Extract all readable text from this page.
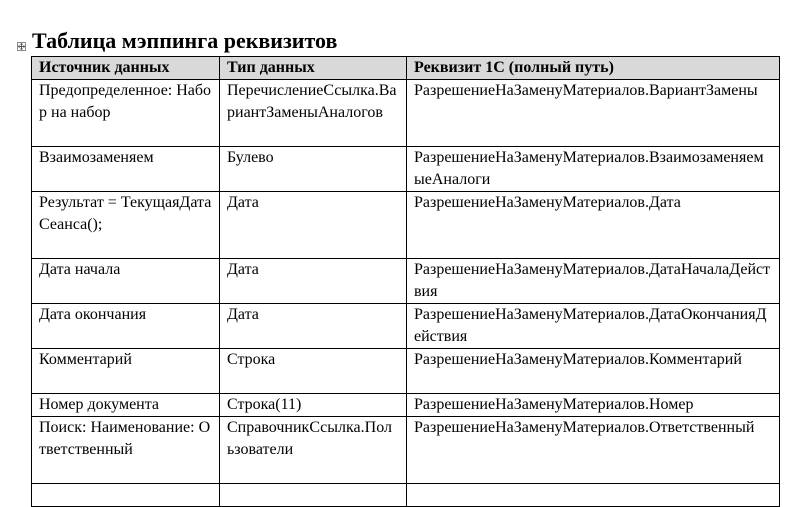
Таблица мэппинга реквизитов
Источник данных	Тип данных	Реквизит 1С (полный путь)
Предопределенное: Набор на набор	ПеречислениеСсылка.ВариантЗаменыАналогов	РазрешениеНаЗаменуМатериалов.ВариантЗамены
Взаимозаменяем	Булево	РазрешениеНаЗаменуМатериалов.ВзаимозаменяемыеАналоги
Результат = ТекущаяДатаСеанса();	Дата	РазрешениеНаЗаменуМатериалов.Дата
Дата начала	Дата	РазрешениеНаЗаменуМатериалов.ДатаНачалаДействия
Дата окончания	Дата	РазрешениеНаЗаменуМатериалов.ДатаОкончанияДействия
Комментарий	Строка	РазрешениеНаЗаменуМатериалов.Комментарий
Номер документа	Строка(11)	РазрешениеНаЗаменуМатериалов.Номер
Поиск: Наименование: Ответственный	СправочникСсылка.Пользователи	РазрешениеНаЗаменуМатериалов.Ответственный
